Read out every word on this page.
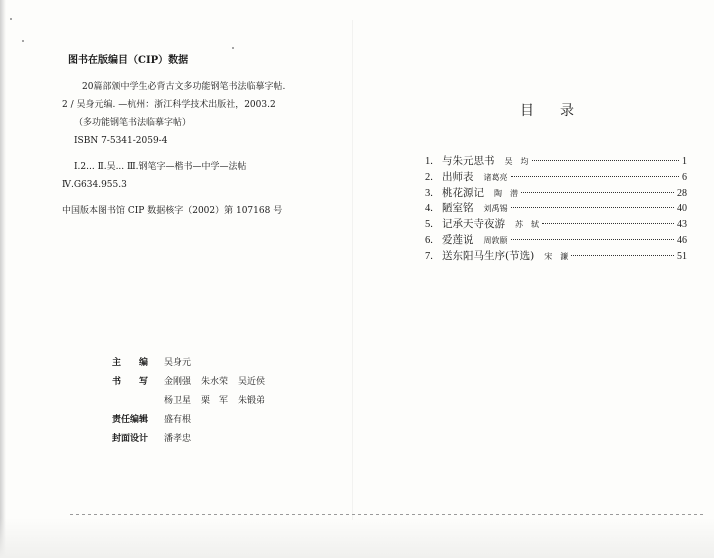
图书在版编目（CIP）数据
20篇部颁中学生必背古文多功能钢笔书法临摹字帖.
2 / 吴身元编. —杭州：浙江科学技术出版社，2003.2
（多功能钢笔书法临摹字帖）
ISBN 7-5341-2059-4
Ⅰ.2... Ⅱ.吴... Ⅲ.钢笔字—楷书—中学—法帖
Ⅳ.G634.955.3
中国版本图书馆 CIP 数据核字（2002）第 107168 号
主　　编	吴身元
书　　写	金刚强 朱水荣 吴近侯
杨卫星 栗　军 朱锻弟
责任编辑	盛有根
封面设计	潘孝忠
目录
1. 与朱元思书 吴　均	1
2. 出师表 诸葛亮	6
3. 桃花源记 陶　潜	28
4. 陋室铭 刘禹锡	40
5. 记承天寺夜游 苏　轼	43
6. 爱莲说 周敦颐	46
7. 送东阳马生序(节选) 宋　濂	51
